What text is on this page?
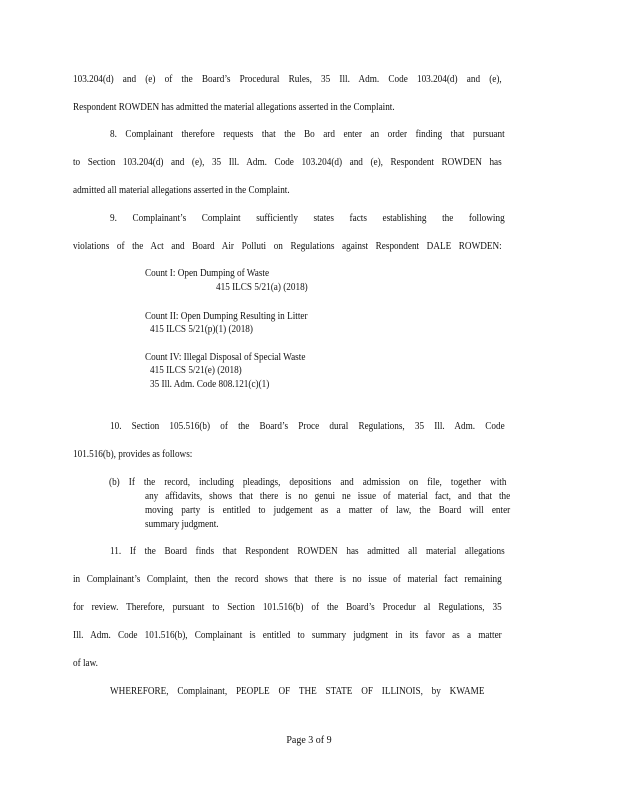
103.204(d) and (e) of the Board’s Procedural Rules, 35 Ill. Adm. Code 103.204(d) and (e),
Respondent ROWDEN has admitted the material allegations asserted in the Complaint.
8. Complainant therefore requests that the Bo ard enter an order finding that pursuant
to Section 103.204(d) and (e), 35 Ill. Adm. Code 103.204(d) and (e), Respondent ROWDEN has
admitted all material allegations asserted in the Complaint.
9. Complainant’s Complaint sufficiently states facts establishing the following
violations of the Act and Board Air Polluti on Regulations against Respondent DALE ROWDEN:
Count I: Open Dumping of Waste
415 ILCS 5/21(a) (2018)
Count II: Open Dumping Resulting in Litter
415 ILCS 5/21(p)(1) (2018)
Count IV: Illegal Disposal of Special Waste
415 ILCS 5/21(e) (2018)
35 Ill. Adm. Code 808.121(c)(1)
10. Section 105.516(b) of the Board’s Proce dural Regulations, 35 Ill. Adm. Code
101.516(b), provides as follows:
(b) If the record, including pleadings, depositions and admission on file, together with
any affidavits, shows that there is no genui ne issue of material fact, and that the
moving party is entitled to judgement as a matter of law, the Board will enter
summary judgment.
11. If the Board finds that Respondent ROWDEN has admitted all material allegations
in Complainant’s Complaint, then the record shows that there is no issue of material fact remaining
for review. Therefore, pursuant to Section 101.516(b) of the Board’s Procedur al Regulations, 35
Ill. Adm. Code 101.516(b), Complainant is entitled to summary judgment in its favor as a matter
of law.
WHEREFORE, Complainant, PEOPLE OF THE STATE OF ILLINOIS, by KWAME
Page 3 of 9
